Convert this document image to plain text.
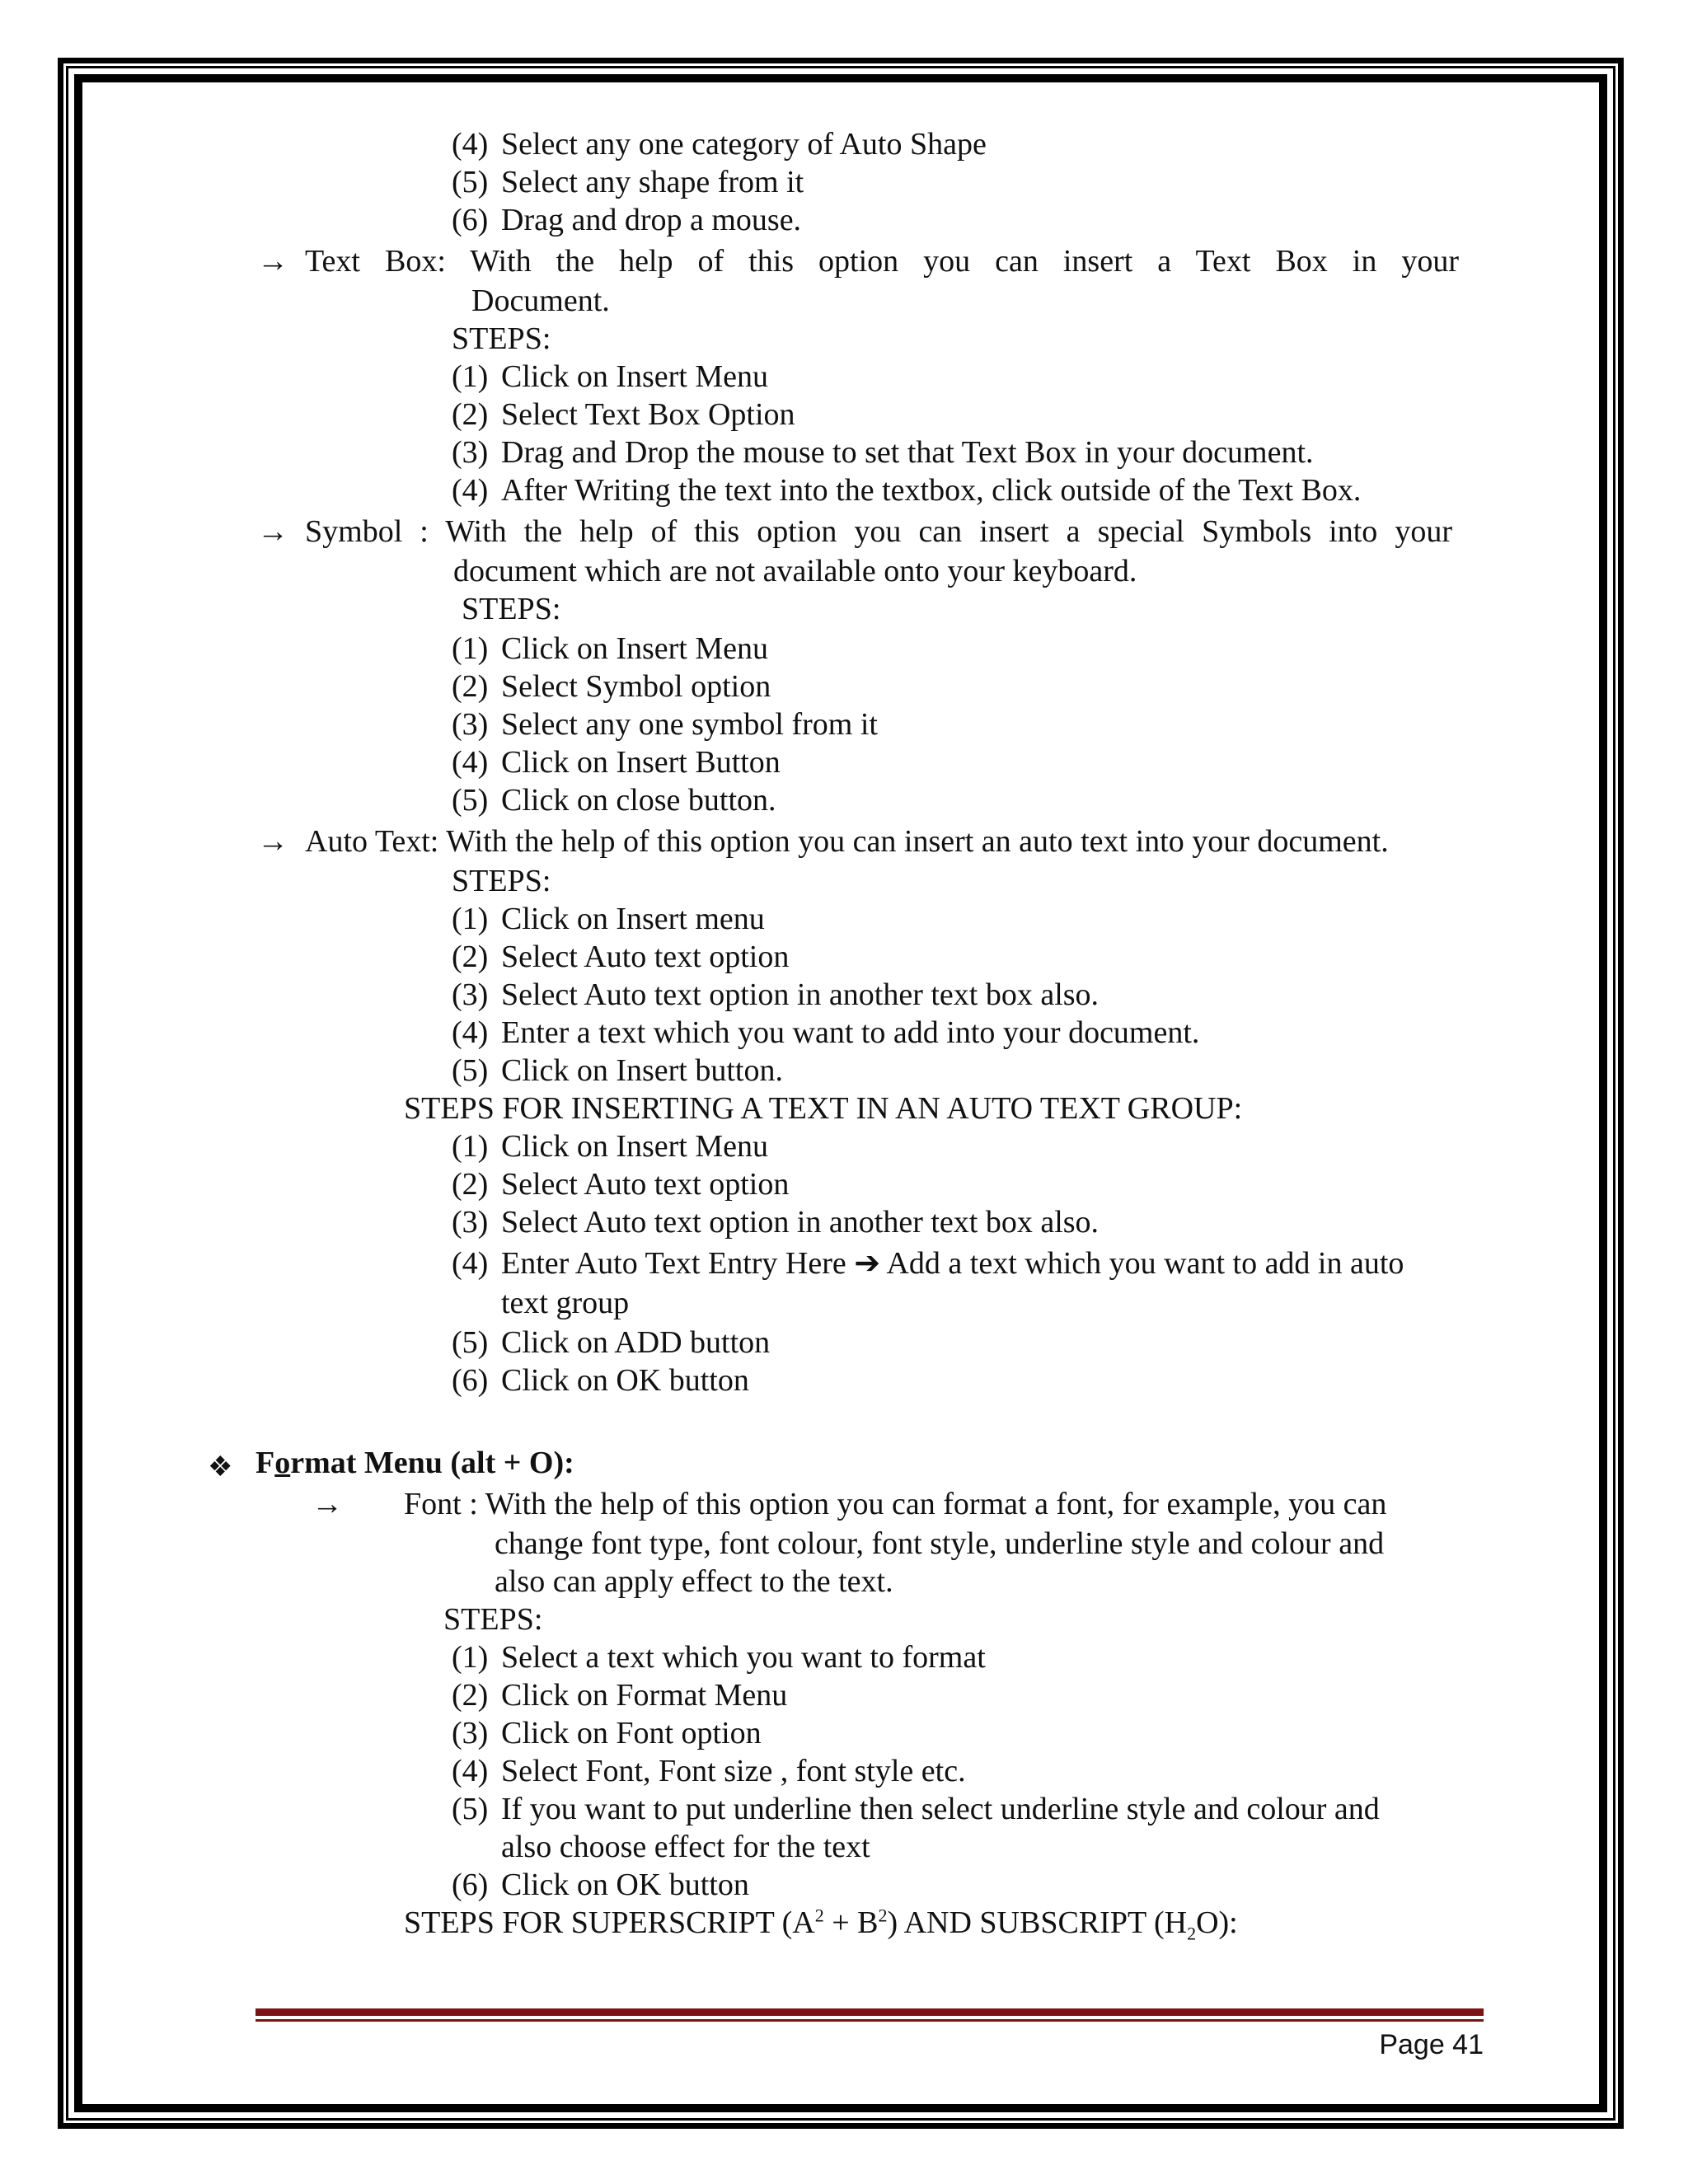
(4) Select any one category of Auto Shape
(5) Select any shape from it
(6) Drag and drop a mouse.
→ Text Box: With the help of this option you can insert a Text Box in your
Document.
STEPS:
(1) Click on Insert Menu
(2) Select Text Box Option
(3) Drag and Drop the mouse to set that Text Box in your document.
(4) After Writing the text into the textbox, click outside of the Text Box.
→ Symbol : With the help of this option you can insert a special Symbols into your
document which are not available onto your keyboard.
STEPS:
(1) Click on Insert Menu
(2) Select Symbol option
(3) Select any one symbol from it
(4) Click on Insert Button
(5) Click on close button.
→ Auto Text: With the help of this option you can insert an auto text into your document.
STEPS:
(1) Click on Insert menu
(2) Select Auto text option
(3) Select Auto text option in another text box also.
(4) Enter a text which you want to add into your document.
(5) Click on Insert button.
STEPS FOR INSERTING A TEXT IN AN AUTO TEXT GROUP:
(1) Click on Insert Menu
(2) Select Auto text option
(3) Select Auto text option in another text box also.
(4) Enter Auto Text Entry Here ➔ Add a text which you want to add in auto
text group
(5) Click on ADD button
(6) Click on OK button
❖ Format Menu (alt + O):
→ Font : With the help of this option you can format a font, for example, you can
change font type, font colour, font style, underline style and colour and
also can apply effect to the text.
STEPS:
(1) Select a text which you want to format
(2) Click on Format Menu
(3) Click on Font option
(4) Select Font, Font size , font style etc.
(5) If you want to put underline then select underline style and colour and
also choose effect for the text
(6) Click on OK button
STEPS FOR SUPERSCRIPT $(A^2 + B^2)$ AND SUBSCRIPT $(H_2O)$:
Page 41
